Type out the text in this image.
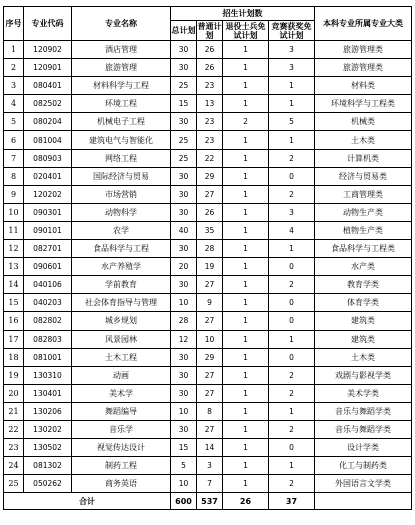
序号	专业代码	专业名称	招生计划数				本科专业所属专业大类
			总计划	普通计划	退役士兵免试计划	竞赛获奖免试计划	
1	120902	酒店管理	30	26	1	3	旅游管理类
2	120901	旅游管理	30	26	1	3	旅游管理类
3	080401	材料科学与工程	25	23	1	1	材料类
4	082502	环境工程	15	13	1	1	环境科学与工程类
5	080204	机械电子工程	30	23	2	5	机械类
6	081004	建筑电气与智能化	25	23	1	1	土木类
7	080903	网络工程	25	22	1	2	计算机类
8	020401	国际经济与贸易	30	29	1	0	经济与贸易类
9	120202	市场营销	30	27	1	2	工商管理类
10	090301	动物科学	30	26	1	3	动物生产类
11	090101	农学	40	35	1	4	植物生产类
12	082701	食品科学与工程	30	28	1	1	食品科学与工程类
13	090601	水产养殖学	20	19	1	0	水产类
14	040106	学前教育	30	27	1	2	教育学类
15	040203	社会体育指导与管理	10	9	1	0	体育学类
16	082802	城乡规划	28	27	1	0	建筑类
17	082803	风景园林	12	10	1	1	建筑类
18	081001	土木工程	30	29	1	0	土木类
19	130310	动画	30	27	1	2	戏剧与影视学类
20	130401	美术学	30	27	1	2	美术学类
21	130206	舞蹈编导	10	8	1	1	音乐与舞蹈学类
22	130202	音乐学	30	27	1	2	音乐与舞蹈学类
23	130502	视觉传达设计	15	14	1	0	设计学类
24	081302	制药工程	5	3	1	1	化工与制药类
25	050262	商务英语	10	7	1	2	外国语言文学类
合计			600	537	26	37	
